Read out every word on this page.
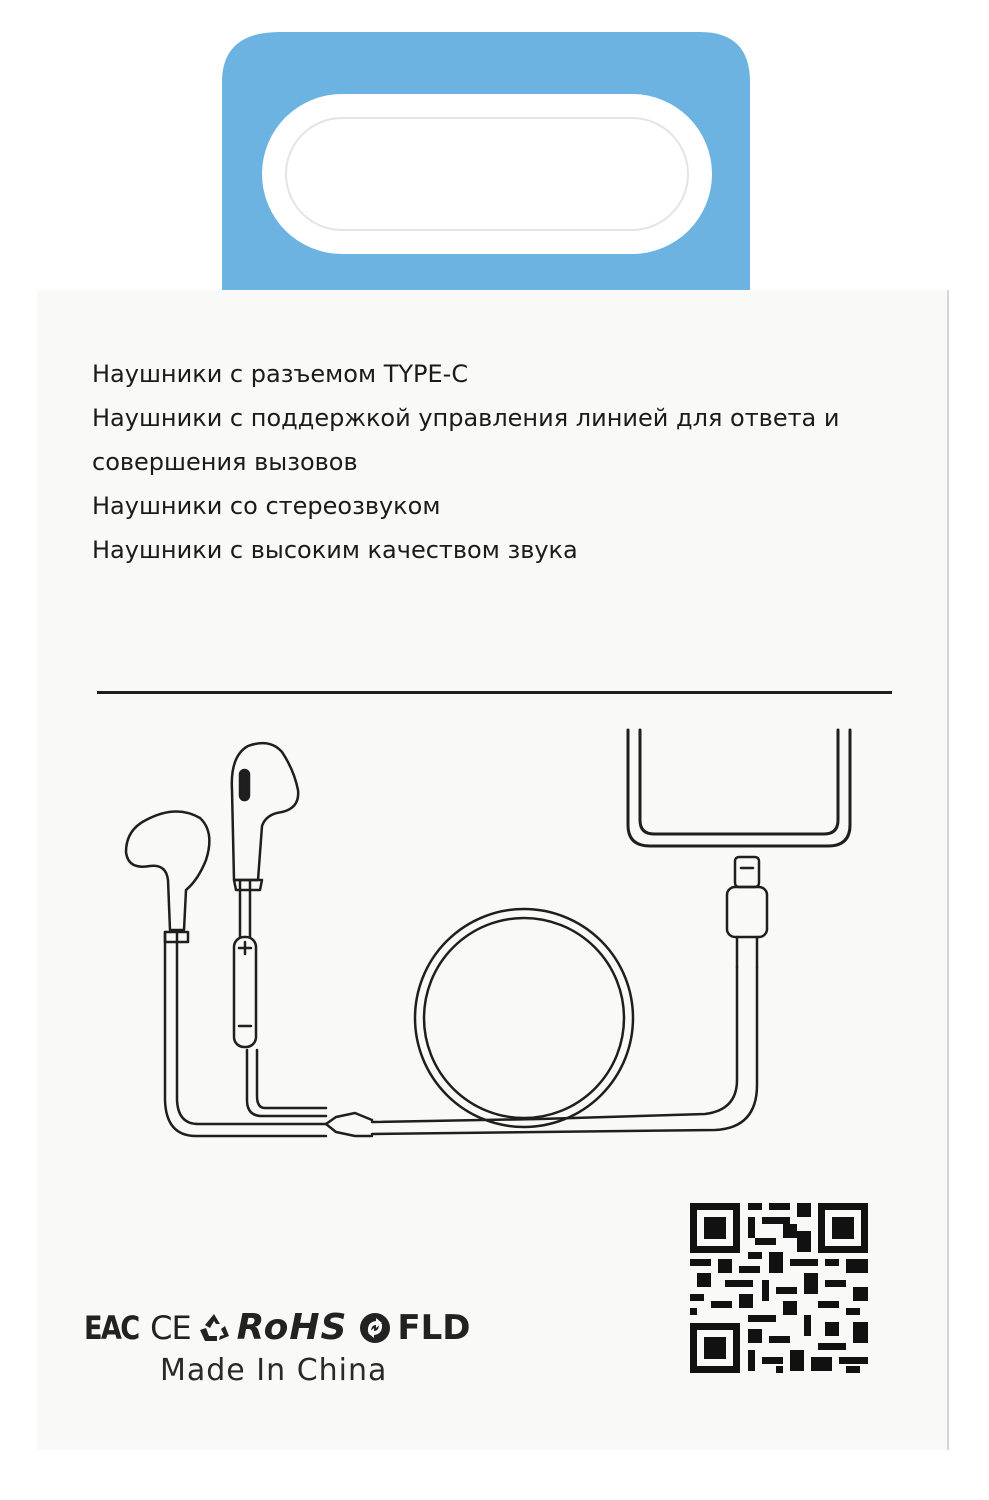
Наушники с разъемом TYPE-C
Наушники с поддержкой управления линией для ответа и
совершения вызовов
Наушники со стереозвуком
Наушники с высоким качеством звука
EAC CE RoHS FLD
Made In China
